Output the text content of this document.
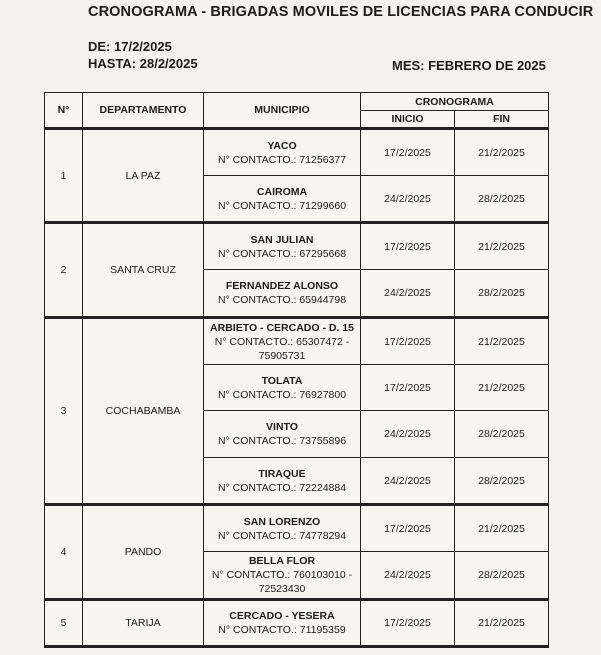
CRONOGRAMA - BRIGADAS MOVILES DE LICENCIAS PARA CONDUCIR
DE: 17/2/2025
HASTA: 28/2/2025	MES: FEBRERO DE 2025
N°	DEPARTAMENTO	MUNICIPIO	CRONOGRAMA	
			INICIO	FIN
1	LA PAZ	YACO
N° CONTACTO.: 71256377	17/2/2025	21/2/2025

		CAIROMA
N° CONTACTO.: 71299660	24/2/2025	28/2/2025
2	SANTA CRUZ	SAN JULIAN
N° CONTACTO.: 67295668	17/2/2025	21/2/2025

		FERNANDEZ ALONSO
N° CONTACTO.: 65944798	24/2/2025	28/2/2025
3	COCHABAMBA	ARBIETO - CERCADO - D. 15
N° CONTACTO.: 65307472 - 75905731	17/2/2025	21/2/2025

		TOLATA
N° CONTACTO.: 76927800	17/2/2025	21/2/2025

		VINTO
N° CONTACTO.: 73755896	24/2/2025	28/2/2025

		TIRAQUE
N° CONTACTO.: 72224884	24/2/2025	28/2/2025
4	PANDO	SAN LORENZO
N° CONTACTO.: 74778294	17/2/2025	21/2/2025

		BELLA FLOR
N° CONTACTO.: 760103010 - 72523430	24/2/2025	28/2/2025
5	TARIJA	CERCADO - YESERA
N° CONTACTO.: 71195359	17/2/2025	21/2/2025
